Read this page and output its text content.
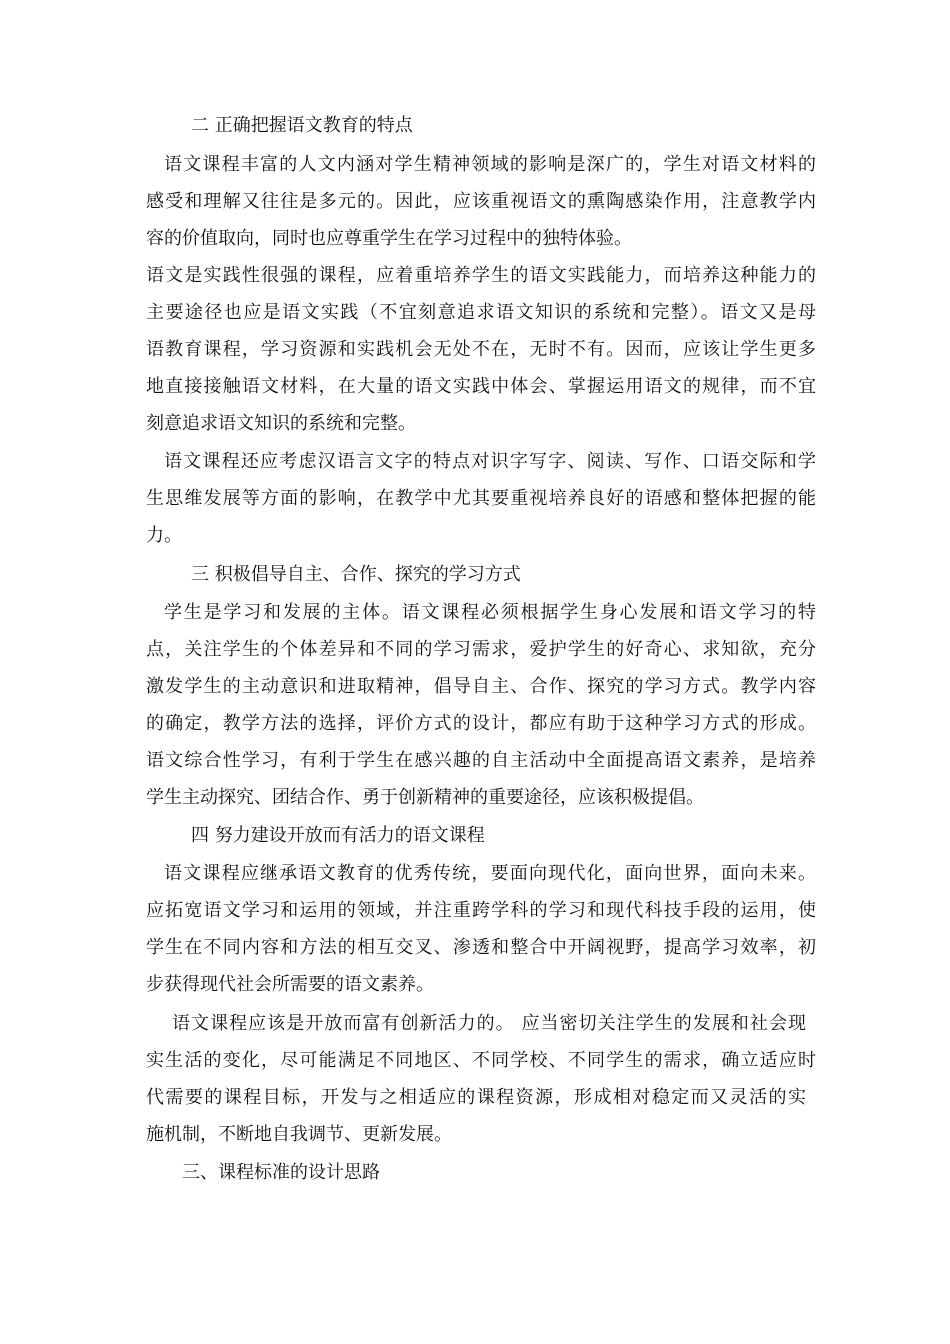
二 正确把握语文教育的特点
语文课程丰富的人文内涵对学生精神领域的影响是深广的，学生对语文材料的
感受和理解又往往是多元的。因此，应该重视语文的熏陶感染作用，注意教学内
容的价值取向，同时也应尊重学生在学习过程中的独特体验。
语文是实践性很强的课程，应着重培养学生的语文实践能力，而培养这种能力的
主要途径也应是语文实践（不宜刻意追求语文知识的系统和完整）。语文又是母
语教育课程，学习资源和实践机会无处不在，无时不有。因而，应该让学生更多
地直接接触语文材料，在大量的语文实践中体会、掌握运用语文的规律，而不宜
刻意追求语文知识的系统和完整。
语文课程还应考虑汉语言文字的特点对识字写字、阅读、写作、口语交际和学
生思维发展等方面的影响，在教学中尤其要重视培养良好的语感和整体把握的能
力。
三 积极倡导自主、合作、探究的学习方式
学生是学习和发展的主体。语文课程必须根据学生身心发展和语文学习的特
点，关注学生的个体差异和不同的学习需求，爱护学生的好奇心、求知欲，充分
激发学生的主动意识和进取精神，倡导自主、合作、探究的学习方式。教学内容
的确定，教学方法的选择，评价方式的设计，都应有助于这种学习方式的形成。
语文综合性学习，有利于学生在感兴趣的自主活动中全面提高语文素养，是培养
学生主动探究、团结合作、勇于创新精神的重要途径，应该积极提倡。
四 努力建设开放而有活力的语文课程
语文课程应继承语文教育的优秀传统，要面向现代化，面向世界，面向未来。
应拓宽语文学习和运用的领域，并注重跨学科的学习和现代科技手段的运用，使
学生在不同内容和方法的相互交叉、渗透和整合中开阔视野，提高学习效率，初
步获得现代社会所需要的语文素养。
语文课程应该是开放而富有创新活力的。 应当密切关注学生的发展和社会现
实生活的变化，尽可能满足不同地区、不同学校、不同学生的需求，确立适应时
代需要的课程目标，开发与之相适应的课程资源，形成相对稳定而又灵活的实
施机制，不断地自我调节、更新发展。
三、课程标准的设计思路
